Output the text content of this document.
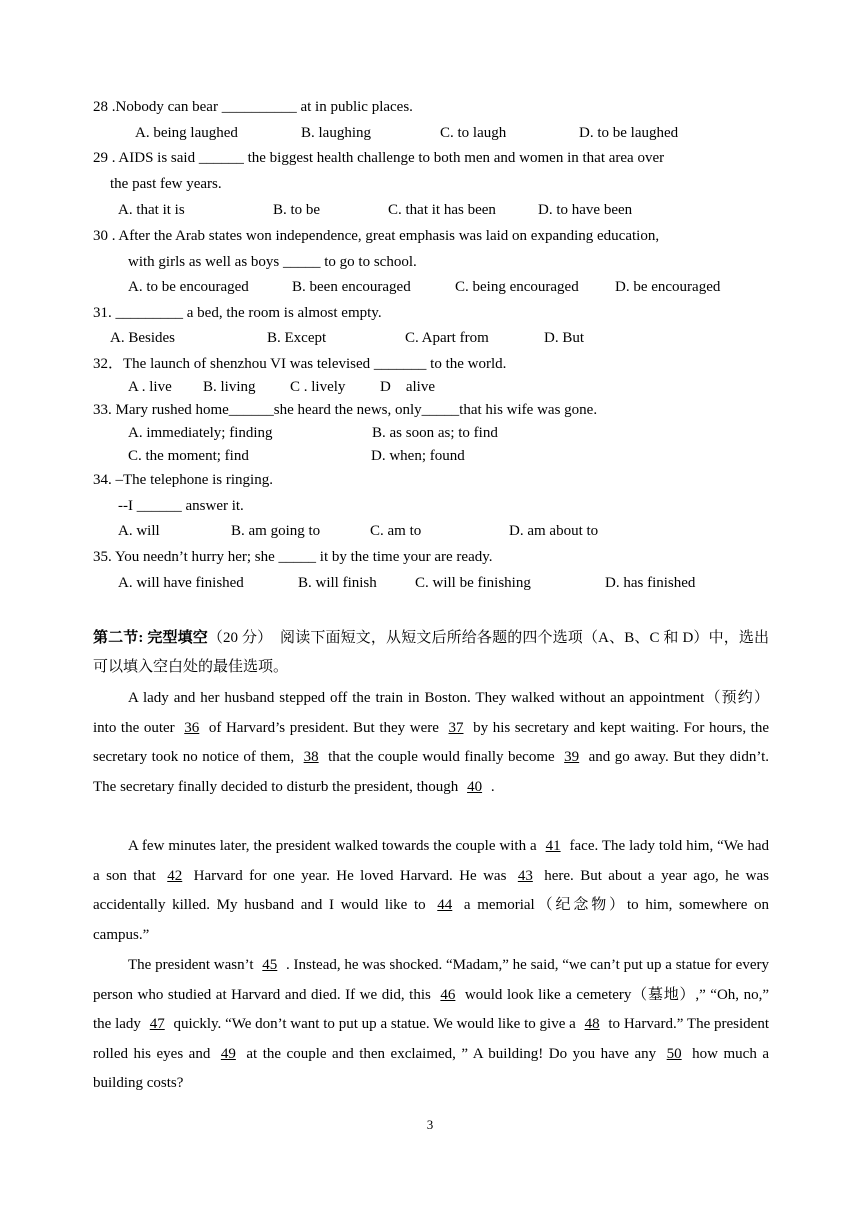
28 .Nobody can bear __________ at in public places.
A. being laughed	B. laughing	C. to laugh	D. to be laughed
29 . AIDS is said ______ the biggest health challenge to both men and women in that area over
the past few years.
A. that it is	B. to be	C. that it has been	D. to have been
30 . After the Arab states won independence, great emphasis was laid on expanding education,
with girls as well as boys _____ to go to school.
A. to be encouraged	B. been encouraged	C. being encouraged D. be encouraged
31. _________ a bed, the room is almost empty.
A. Besides	B. Except	C. Apart from	D. But
32．The launch of shenzhou VI was televised _______ to the world.
A . live B. living C . lively D    alive
33. Mary rushed home______she heard the news, only_____that his wife was gone.
A. immediately; finding	B. as soon as; to find
C. the moment; find	D. when; found
34. –The telephone is ringing.
--I ______ answer it.
A. will	B. am going to	C. am to	D. am about to
35. You needn’t hurry her; she _____ it by the time your are ready.
A. will have finished	B. will finish	C. will be finishing	D. has finished
第二节: 完型填空（20 分） 阅读下面短文，从短文后所给各题的四个选项（A、B、C 和 D）中，选出可以填入空白处的最佳选项。
A lady and her husband stepped off the train in Boston. They walked without an appointment（预约）into the outer 36 of Harvard’s president. But they were 37 by his secretary and kept waiting. For hours, the secretary took no notice of them, 38 that the couple would finally become 39 and go away. But they didn’t. The secretary finally decided to disturb the president, though 40 .
A few minutes later, the president walked towards the couple with a 41 face. The lady told him, “We had a son that 42 Harvard for one year. He loved Harvard. He was 43 here. But about a year ago, he was accidentally killed. My husband and I would like to 44 a memorial（纪念物）to him, somewhere on campus.”
The president wasn’t 45 . Instead, he was shocked. “Madam,” he said, “we can’t put up a statue for every person who studied at Harvard and died. If we did, this 46 would look like a cemetery（墓地）,” “Oh, no,” the lady 47 quickly. “We don’t want to put up a statue. We would like to give a 48 to Harvard.” The president rolled his eyes and 49 at the couple and then exclaimed, ” A building! Do you have any 50 how much a building costs?
3
